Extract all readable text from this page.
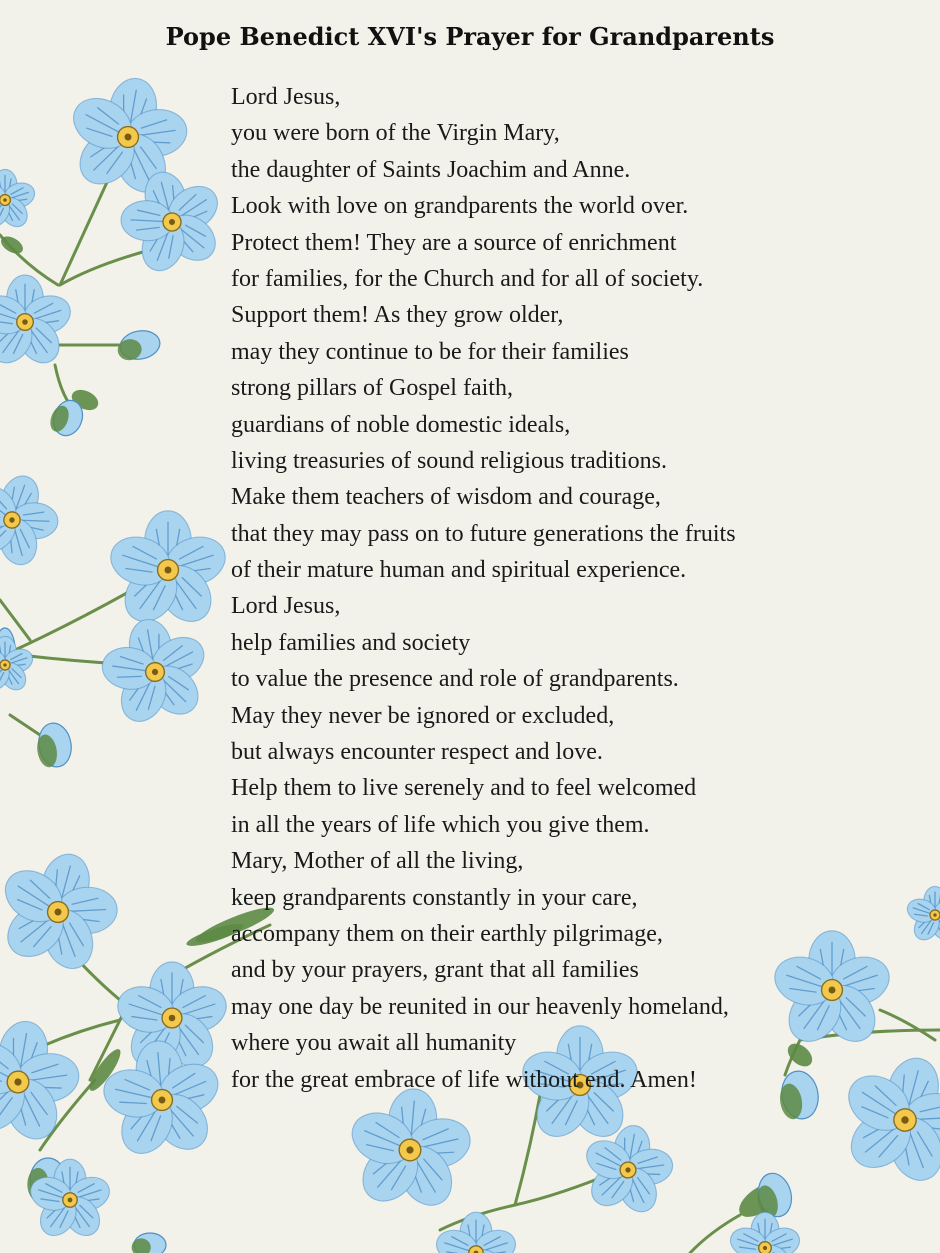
Pope Benedict XVI's Prayer for Grandparents
Lord Jesus,
you were born of the Virgin Mary,
the daughter of Saints Joachim and Anne.
Look with love on grandparents the world over.
Protect them! They are a source of enrichment
for families, for the Church and for all of society.
Support them! As they grow older,
may they continue to be for their families
strong pillars of Gospel faith,
guardians of noble domestic ideals,
living treasuries of sound religious traditions.
Make them teachers of wisdom and courage,
that they may pass on to future generations the fruits
of their mature human and spiritual experience.
Lord Jesus,
help families and society
to value the presence and role of grandparents.
May they never be ignored or excluded,
but always encounter respect and love.
Help them to live serenely and to feel welcomed
in all the years of life which you give them.
Mary, Mother of all the living,
keep grandparents constantly in your care,
accompany them on their earthly pilgrimage,
and by your prayers, grant that all families
may one day be reunited in our heavenly homeland,
where you await all humanity
for the great embrace of life without end. Amen!
